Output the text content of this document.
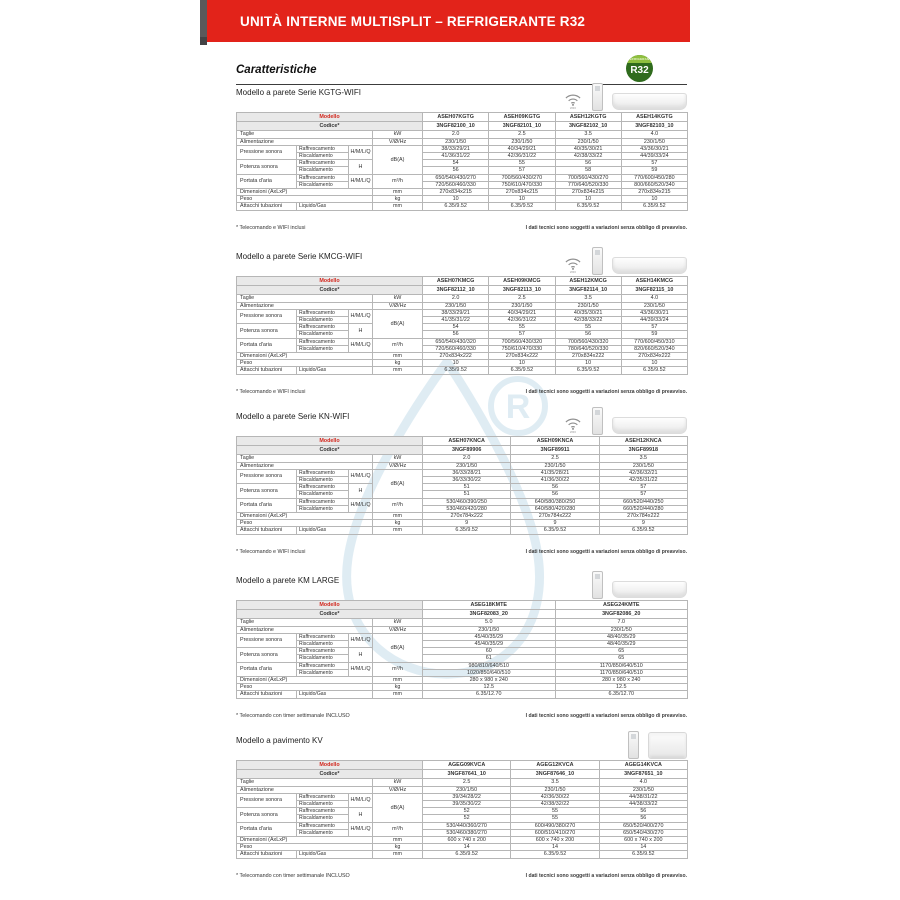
UNITÀ INTERNE MULTISPLIT – REFRIGERANTE R32
R
Caratteristiche
REFRIGERANT
R32
Modello a parete Serie KGTG-WIFI
WIFI
Modello				ASEH07KGTG	ASEH09KGTG	ASEH12KGTG	ASEH14KGTG
Codice*				3NGF82100_10	3NGF82101_10	3NGF82102_10	3NGF82103_10
Taglie			kW	2.0	2.5	3.5	4.0
Alimentazione			V/Ø/Hz	230/1/50	230/1/50	230/1/50	230/1/50
Pressione sonora	Raffrescamento	H/M/L/Q	dB(A)	38/33/29/21	40/34/29/21	40/35/30/21	43/36/30/21
	Riscaldamento			41/36/31/22	42/36/31/22	42/38/33/22	44/39/33/24
Potenza sonora	Raffrescamento	H		54	55	56	57
	Riscaldamento			56	57	58	59
Portata d'aria	Raffrescamento	H/M/L/Q	m³/h	650/540/430/270	700/560/430/270	700/560/430/270	770/600/450/280
	Riscaldamento			720/560/460/330	750/610/470/330	770/640/520/330	800/660/520/340
Dimensioni (AxLxP)			mm	270x834x215	270x834x215	270x834x215	270x834x215
Peso			kg	10	10	10	10
Attacchi tubazioni	Liquido/Gas		mm	6.35/9.52	6.35/9.52	6.35/9.52	6.35/9.52
* Telecomando e WIFI inclusi	I dati tecnici sono soggetti a variazioni senza obbligo di preavviso.
Modello a parete Serie KMCG-WIFI
WIFI
Modello				ASEH07KMCG	ASEH09KMCG	ASEH12KMCG	ASEH14KMCG
Codice*				3NGF82112_10	3NGF82113_10	3NGF82114_10	3NGF82115_10
Taglie			kW	2.0	2.5	3.5	4.0
Alimentazione			V/Ø/Hz	230/1/50	230/1/50	230/1/50	230/1/50
Pressione sonora	Raffrescamento	H/M/L/Q	dB(A)	38/33/29/21	40/34/29/21	40/35/30/21	43/36/30/21
	Riscaldamento			41/35/31/22	42/36/31/22	42/38/33/22	44/39/33/24
Potenza sonora	Raffrescamento	H		54	55	55	57
	Riscaldamento			56	57	56	59
Portata d'aria	Raffrescamento	H/M/L/Q	m³/h	650/540/430/320	700/560/430/320	700/560/430/320	770/600/450/310
	Riscaldamento			720/560/460/330	750/610/470/330	780/640/520/330	820/660/520/340
Dimensioni (AxLxP)			mm	270x834x222	270x834x222	270x834x222	270x834x222
Peso			kg	10	10	10	10
Attacchi tubazioni	Liquido/Gas		mm	6.35/9.52	6.35/9.52	6.35/9.52	6.35/9.52
* Telecomando e WIFI inclusi	I dati tecnici sono soggetti a variazioni senza obbligo di preavviso.
Modello a parete Serie KN-WIFI
WIFI
Modello				ASEH07KNCA	ASEH09KNCA	ASEH12KNCA
Codice*				3NGF89906	3NGF89911	3NGF89918
Taglie			kW	2.0	2.5	3.5
Alimentazione			V/Ø/Hz	230/1/50	230/1/50	230/1/50
Pressione sonora	Raffrescamento	H/M/L/Q	dB(A)	36/33/28/21	41/35/28/21	42/36/32/21
	Riscaldamento			36/33/30/22	41/36/30/22	42/35/31/22
Potenza sonora	Raffrescamento	H		51	56	57
	Riscaldamento			51	56	57
Portata d'aria	Raffrescamento	H/M/L/Q	m³/h	530/460/390/250	640/580/380/250	660/520/440/250
	Riscaldamento			530/460/420/280	640/580/420/280	660/520/440/280
Dimensioni (AxLxP)			mm	270x784x222	270x784x222	270x784x222
Peso			kg	9	9	9
Attacchi tubazioni	Liquido/Gas		mm	6.35/9.52	6.35/9.52	6.35/9.52
* Telecomando e WIFI inclusi	I dati tecnici sono soggetti a variazioni senza obbligo di preavviso.
Modello a parete KM LARGE
Modello				ASEG18KMTE	ASEG24KMTE
Codice*				3NGF82083_20	3NGF82086_20
Taglie			kW	5.0	7.0
Alimentazione			V/Ø/Hz	230/1/50	230/1/50
Pressione sonora	Raffrescamento	H/M/L/Q	dB(A)	45/40/35/29	48/40/35/29
	Riscaldamento			45/40/35/29	48/40/35/29
Potenza sonora	Raffrescamento	H		60	65
	Riscaldamento			61	65
Portata d'aria	Raffrescamento	H/M/L/Q	m³/h	980/810/640/510	1170/850/640/510
	Riscaldamento			1020/850/640/510	1170/850/640/510
Dimensioni (AxLxP)			mm	280 x 980 x 240	280 x 980 x 240
Peso			kg	12.5	12.5
Attacchi tubazioni	Liquido/Gas		mm	6.35/12.70	6.35/12.70
* Telecomando con timer settimanale INCLUSO	I dati tecnici sono soggetti a variazioni senza obbligo di preavviso.
Modello a pavimento KV
Modello				AGEG09KVCA	AGEG12KVCA	AGEG14KVCA
Codice*				3NGF87641_10	3NGF87646_10	3NGF87651_10
Taglie			kW	2.5	3.5	4.0
Alimentazione			V/Ø/Hz	230/1/50	230/1/50	230/1/50
Pressione sonora	Raffrescamento	H/M/L/Q	dB(A)	39/34/28/22	42/36/30/22	44/38/31/22
	Riscaldamento			39/35/30/22	42/38/32/22	44/38/33/22
Potenza sonora	Raffrescamento	H		52	55	56
	Riscaldamento			52	55	56
Portata d'aria	Raffrescamento	H/M/L/Q	m³/h	530/440/360/270	600/490/380/270	650/520/400/270
	Riscaldamento			530/460/380/270	600/510/410/270	650/540/430/270
Dimensioni (AxLxP)			mm	600 x 740 x 200	600 x 740 x 200	600 x 740 x 200
Peso			kg	14	14	14
Attacchi tubazioni	Liquido/Gas		mm	6.35/9.52	6.35/9.52	6.35/9.52
* Telecomando con timer settimanale INCLUSO	I dati tecnici sono soggetti a variazioni senza obbligo di preavviso.
